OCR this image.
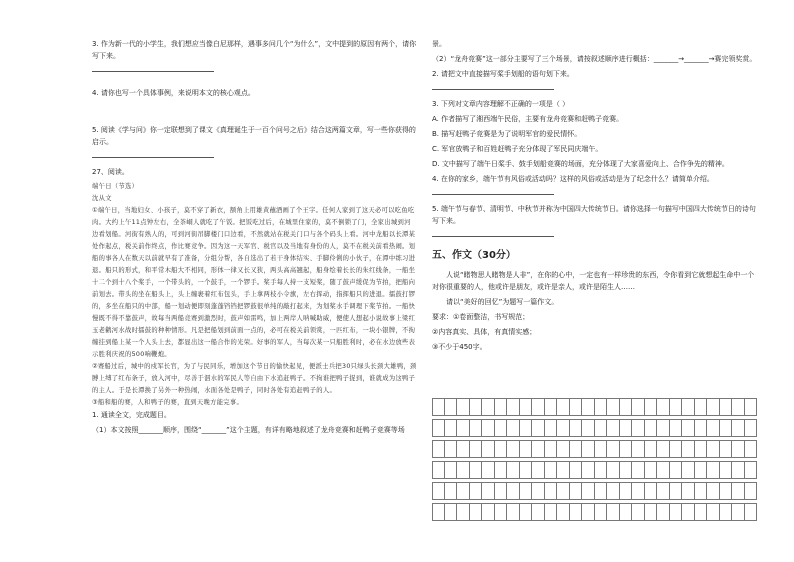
3. 作为新一代的小学生，我们想应当像白尼那样，遇事多问几个“为什么”，文中提到的原因有两个，请你写下来。

4. 请你也写一个具体事例，来说明本文的核心观点。

5. 阅读《学与问》你一定联想到了课文《真理诞生于一百个问号之后》结合这两篇文章，写一些你获得的启示。

27、阅读。

端午日（节选）

沈从文

①端午日，当地妇女、小孩子，莫不穿了新衣，额角上用雄黄蘸酒画了个王字。任何人家到了这天必可以吃鱼吃肉。大约上午11点钟左右，全茶峒人就吃了午饭。把饭吃过后，在城里住家的，莫不倒锁了门，全家出城到河边看划船。河街有熟人的，可到河街吊脚楼门口边看，不然就站在税关门口与各个码头上看。河中龙船以长潭某处作起点，税关前作终点，作比赛竞争。因为这一天军官、税官以及当地有身份的人，莫不在税关前看热闹。划船的事各人在数天以前就早有了准备，分组分帮，各自选出了若干身体结实、手脚伶俐的小伙子，在潭中练习进退。船只的形式，和平常木船大不相同，形体一律又长又狭，两头高高翘起，船身绘着长长的朱红线条，一船坐十二个到十八个桨手，一个带头的，一个鼓手，一个锣手。桨手每人持一支短桨，随了鼓声缓促为节拍，把船向前划去。带头的坐在船头上，头上缠裹着红布包头，手上拿两枝小令旗，左右挥动，指挥船只的进退。擂鼓打锣的，多坐在船只的中部，船一划动便即刻蓬蓬铛铛把锣鼓很单纯的敲打起来，为划桨水手调理下桨节拍。一船快慢既不得不靠鼓声，故每当两船竞赛到激烈时，鼓声如雷鸣，加上两岸人呐喊助威，便使人想起小说故事上梁红玉老鹳河水战时擂鼓的种种情形。凡是把船划到前面一点的，必可在税关前领赏，一匹红布，一块小银牌，不拘缠挂到船上某一个人头上去，都显出这一船合作的光荣。好事的军人，当每次某一只船胜利时，必在水边放些表示胜利庆祝的500响鞭炮。

②赛船过后，城中的戍军长官，为了与民同乐，增加这个节日的愉快起见，便派士兵把30只绿头长颈大雄鸭，颈膊上缚了红布条子，放入河中，尽善于泅水的军民人等自由下水追赶鸭子。不拘谁把鸭子捉到，谁就成为这鸭子的主人。于是长潭换了另外一种热闹，水面各处是鸭子，同时各处有追赶鸭子的人。

③船和船的赛，人和鸭子的赛，直到天晚方能完事。

1. 通读全文，完成题目。

（1）本文按照_______顺序，围绕“_______”这个主题，有详有略地叙述了龙舟竞赛和赶鸭子竞赛等场

景。

（2）“龙舟竞赛”这一部分主要写了三个场景，请按叙述顺序进行概括：_______→_______→赛完领奖赏。

2. 请把文中直接描写桨手划船的语句划下来。

3. 下列对文章内容理解不正确的一项是（ ）

A. 作者描写了湘西端午民俗，主要有龙舟竞赛和赶鸭子竞赛。

B. 描写赶鸭子竞赛是为了说明军官的爱民情怀。

C. 军官放鸭子和百姓赶鸭子充分体现了军民同庆端午。

D. 文中描写了端午日桨手、鼓手划船竞赛的场面，充分体现了大家喜爱向上、合作争先的精神。

4. 在你的家乡，端午节有风俗或活动吗？这样的风俗或活动是为了纪念什么？请简单介绍。

5. 端午节与春节、清明节、中秋节并称为中国四大传统节日。请你选择一句描写中国四大传统节日的诗句写下来。

五、作文（30分）

人说“睹物思人睹物是人非”，在你的心中，一定也有一样珍贵的东西，令你看到它就想起生命中一个对你很重要的人，他或许是朋友，或许是亲人，或许是陌生人……

请以“美好的回忆”为题写一篇作文。

要求：①卷面整洁，书写规范；

②内容真实、具体，有真情实感；

③不少于450字。
